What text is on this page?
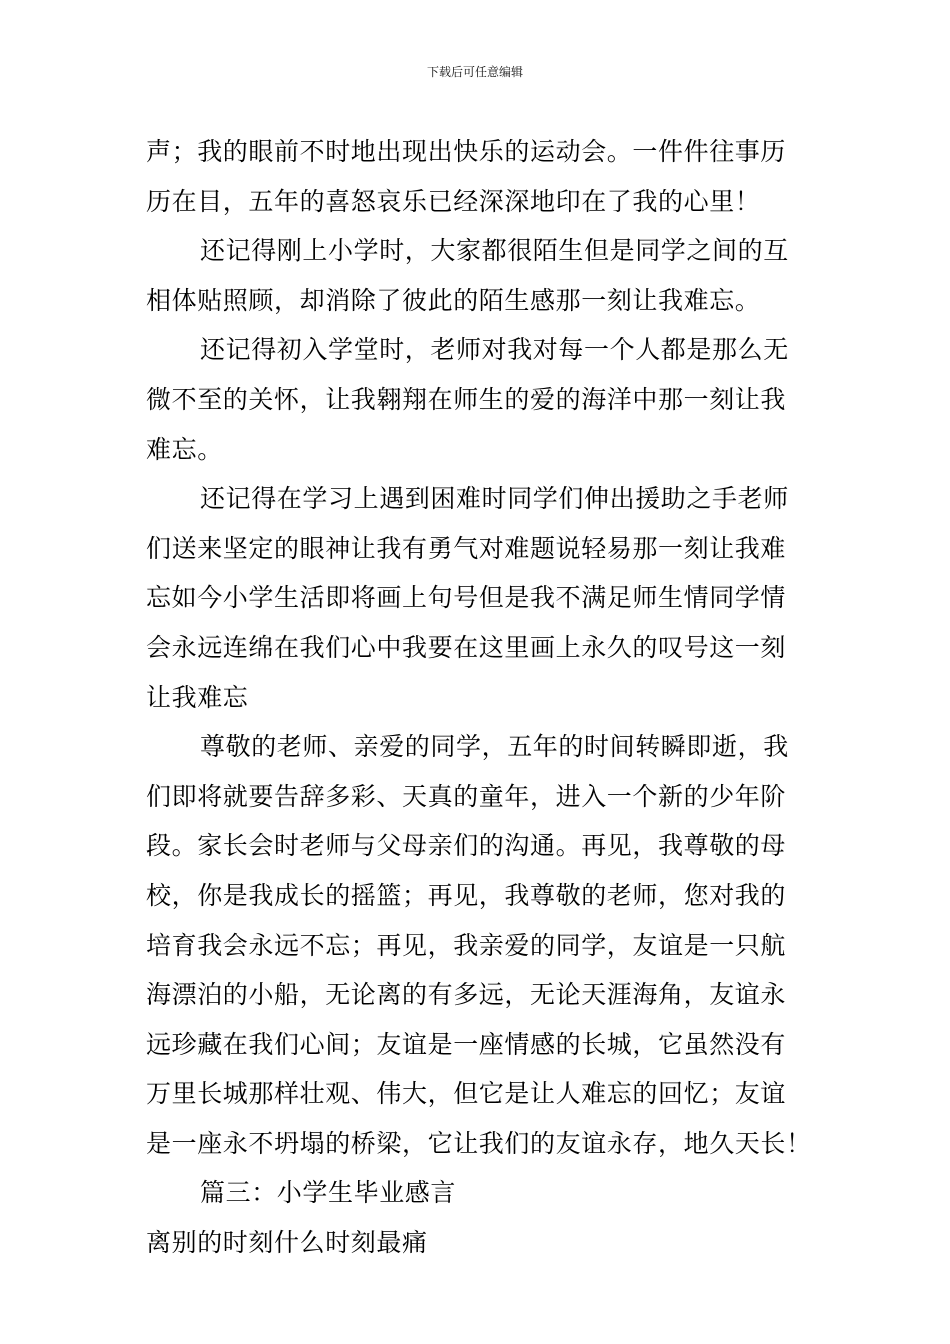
下载后可任意编辑

声；我的眼前不时地出现出快乐的运动会。一件件往事历
历在目，五年的喜怒哀乐已经深深地印在了我的心里！

还记得刚上小学时，大家都很陌生但是同学之间的互
相体贴照顾，却消除了彼此的陌生感那一刻让我难忘。

还记得初入学堂时，老师对我对每一个人都是那么无
微不至的关怀，让我翱翔在师生的爱的海洋中那一刻让我
难忘。

还记得在学习上遇到困难时同学们伸出援助之手老师
们送来坚定的眼神让我有勇气对难题说轻易那一刻让我难
忘如今小学生活即将画上句号但是我不满足师生情同学情
会永远连绵在我们心中我要在这里画上永久的叹号这一刻
让我难忘

尊敬的老师、亲爱的同学，五年的时间转瞬即逝，我
们即将就要告辞多彩、天真的童年，进入一个新的少年阶
段。家长会时老师与父母亲们的沟通。再见，我尊敬的母
校，你是我成长的摇篮；再见，我尊敬的老师，您对我的
培育我会永远不忘；再见，我亲爱的同学，友谊是一只航
海漂泊的小船，无论离的有多远，无论天涯海角，友谊永
远珍藏在我们心间；友谊是一座情感的长城，它虽然没有
万里长城那样壮观、伟大，但它是让人难忘的回忆；友谊
是一座永不坍塌的桥梁，它让我们的友谊永存，地久天长！

篇三：小学生毕业感言
离别的时刻什么时刻最痛
